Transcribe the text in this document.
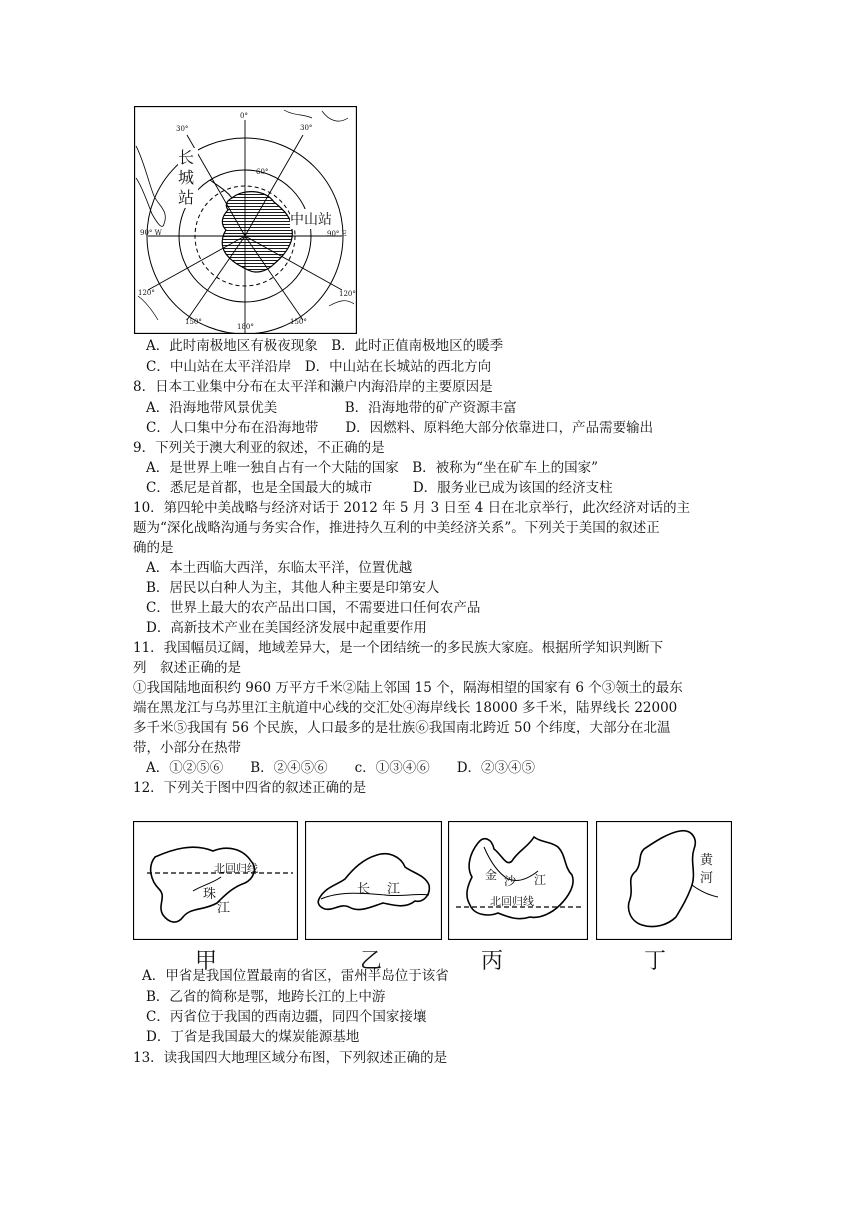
长
城
站
中山站
0°
30°	30°
60°
90° W	90° E
120°	120°
150°	150°
180°
A．此时南极地区有极夜现象　B．此时正值南极地区的暖季
C．中山站在太平洋沿岸　D．中山站在长城站的西北方向
8．日本工业集中分布在太平洋和濑户内海沿岸的主要原因是
A．沿海地带风景优美　　　　　B．沿海地带的矿产资源丰富
C．人口集中分布在沿海地带　　D．因燃料、原料绝大部分依靠进口，产品需要输出
9．下列关于澳大利亚的叙述，不正确的是
A．是世界上唯一独自占有一个大陆的国家　B．被称为“坐在矿车上的国家”
C．悉尼是首都，也是全国最大的城市　　　D．服务业已成为该国的经济支柱
10．第四轮中美战略与经济对话于 2012 年 5 月 3 日至 4 日在北京举行，此次经济对话的主
题为“深化战略沟通与务实合作，推进持久互利的中美经济关系”。下列关于美国的叙述正
确的是
A．本土西临大西洋，东临太平洋，位置优越
B．居民以白种人为主，其他人种主要是印第安人
C．世界上最大的农产品出口国，不需要进口任何农产品
D．高新技术产业在美国经济发展中起重要作用
11．我国幅员辽阔，地域差异大，是一个团结统一的多民族大家庭。根据所学知识判断下
列　叙述正确的是
①我国陆地面积约 960 万平方千米②陆上邻国 15 个，隔海相望的国家有 6 个③领土的最东
端在黑龙江与乌苏里江主航道中心线的交汇处④海岸线长 18000 多千米，陆界线长 22000
多千米⑤我国有 56 个民族，人口最多的是壮族⑥我国南北跨近 50 个纬度，大部分在北温
带，小部分在热带
A．①②⑤⑥　　B．②④⑤⑥　　c．①③④⑥　　D．②③④⑤
12．下列关于图中四省的叙述正确的是
北回归线
珠
江
长 江
金 沙 江
北回归线
黄
河
甲	乙	丙	丁
A．甲省是我国位置最南的省区，雷州半岛位于该省
B．乙省的简称是鄂，地跨长江的上中游
C．丙省位于我国的西南边疆，同四个国家接壤
D．丁省是我国最大的煤炭能源基地
13．读我国四大地理区域分布图，下列叙述正确的是
